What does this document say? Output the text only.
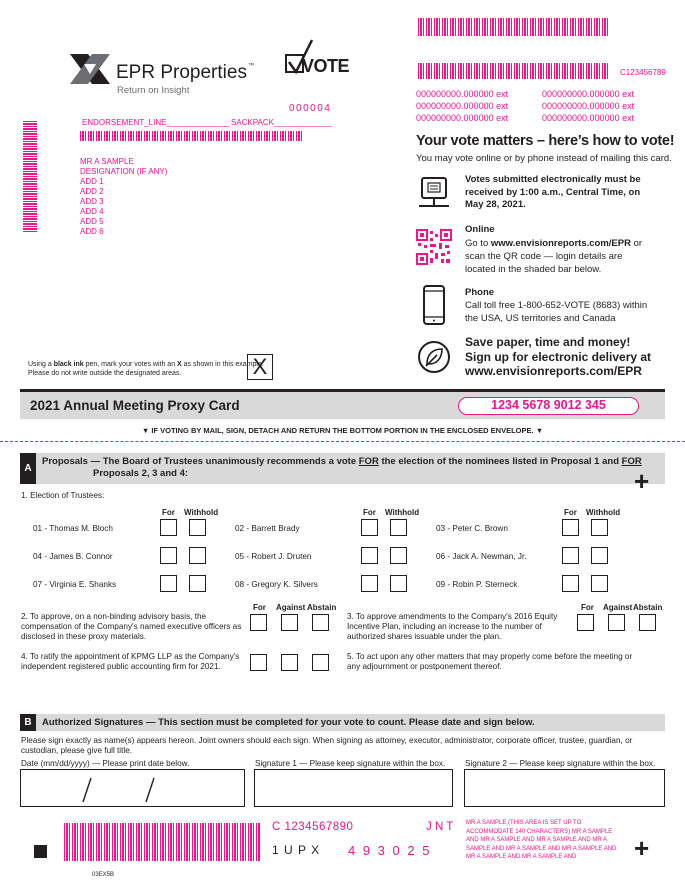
EPR Properties ™
Return on Insight
VOTE
000004
ENDORSEMENT_LINE______________ SACKPACK_____________
MR A SAMPLE
DESIGNATION (IF ANY)
ADD 1
ADD 2
ADD 3
ADD 4
ADD 5
ADD 6
C123456789
000000000.000000 ext	000000000.000000 ext
000000000.000000 ext	000000000.000000 ext
000000000.000000 ext	000000000.000000 ext
Your vote matters – here’s how to vote!
You may vote online or by phone instead of mailing this card.
Votes submitted electronically must be received by 1:00 a.m., Central Time, on May 28, 2021.
Online
Go to www.envisionreports.com/EPR or scan the QR code — login details are located in the shaded bar below.
Phone
Call toll free 1-800-652-VOTE (8683) within the USA, US territories and Canada
Save paper, time and money!
Sign up for electronic delivery at
www.envisionreports.com/EPR
Using a black ink pen, mark your votes with an X as shown in this example.
Please do not write outside the designated areas.	X
2021 Annual Meeting Proxy Card	1234 5678 9012 345
▼ IF VOTING BY MAIL, SIGN, DETACH AND RETURN THE BOTTOM PORTION IN THE ENCLOSED ENVELOPE. ▼
A
Proposals — The Board of Trustees unanimously recommends a vote FOR the election of the nominees listed in Proposal 1 and FOR
Proposals 2, 3 and 4:	+
1. Election of Trustees:
For Withhold	For Withhold	For Withhold
01 - Thomas M. Bloch	02 - Barrett Brady	03 - Peter C. Brown
04 - James B. Connor	05 - Robert J. Druten	06 - Jack A. Newman, Jr.
07 - Virginia E. Shanks	08 - Gregory K. Silvers	09 - Robin P. Sterneck
For Against Abstain
2. To approve, on a non-binding advisory basis, the compensation of the Company's named executive officers as disclosed in these proxy materials.
For Against Abstain
3. To approve amendments to the Company's 2016 Equity Incentive Plan, including an increase to the number of authorized shares issuable under the plan.
4. To ratify the appointment of KPMG LLP as the Company's independent registered public accounting firm for 2021.
5. To act upon any other matters that may properly come before the meeting or any adjournment or postponement thereof.
B	Authorized Signatures — This section must be completed for your vote to count. Please date and sign below.
Please sign exactly as name(s) appears hereon. Joint owners should each sign. When signing as attorney, executor, administrator, corporate officer, trustee, guardian, or custodian, please give full title.
Date (mm/dd/yyyy) — Please print date below.	Signature 1 — Please keep signature within the box. Signature 2 — Please keep signature within the box.
C 1234567890	J N T
1 U P X 4 9 3 0 2 5
MR A SAMPLE (THIS AREA IS SET UP TO ACCOMMODATE 140 CHARACTERS) MR A SAMPLE AND MR A SAMPLE AND MR A SAMPLE AND MR A SAMPLE AND MR A SAMPLE AND MR A SAMPLE AND MR A SAMPLE AND MR A SAMPLE AND	+
03EX5B
